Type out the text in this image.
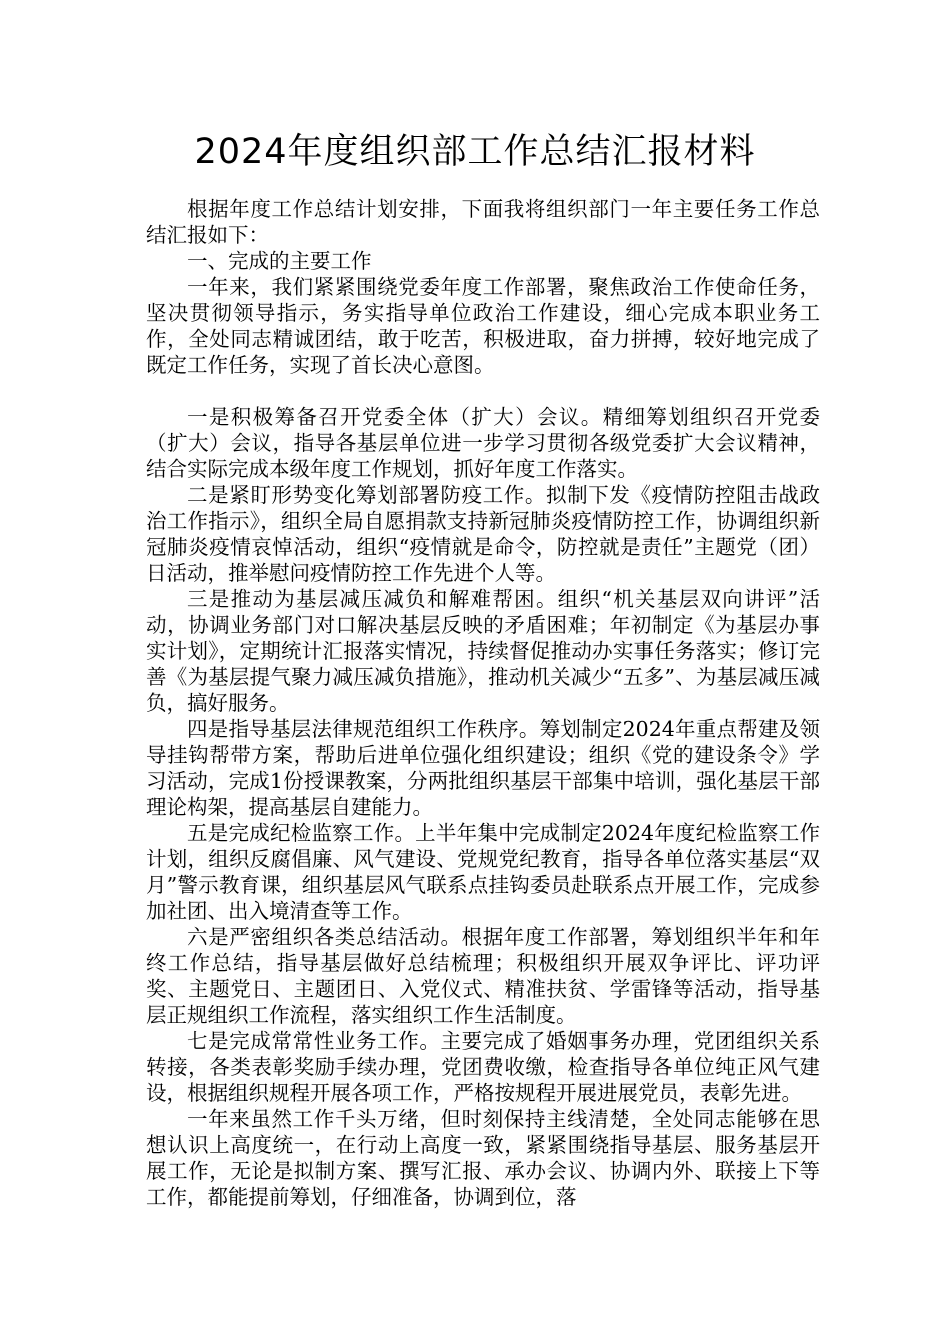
2024年度组织部工作总结汇报材料

根据年度工作总结计划安排，下面我将组织部门一年主要任务工作总结汇报如下：

一、完成的主要工作

一年来，我们紧紧围绕党委年度工作部署，聚焦政治工作使命任务，坚决贯彻领导指示，务实指导单位政治工作建设，细心完成本职业务工作，全处同志精诚团结，敢于吃苦，积极进取，奋力拼搏，较好地完成了既定工作任务，实现了首长决心意图。

一是积极筹备召开党委全体（扩大）会议。精细筹划组织召开党委（扩大）会议，指导各基层单位进一步学习贯彻各级党委扩大会议精神，结合实际完成本级年度工作规划，抓好年度工作落实。

二是紧盯形势变化筹划部署防疫工作。拟制下发《疫情防控阻击战政治工作指示》，组织全局自愿捐款支持新冠肺炎疫情防控工作，协调组织新冠肺炎疫情哀悼活动，组织“疫情就是命令，防控就是责任”主题党（团）日活动，推举慰问疫情防控工作先进个人等。

三是推动为基层减压减负和解难帮困。组织“机关基层双向讲评”活动，协调业务部门对口解决基层反映的矛盾困难；年初制定《为基层办事实计划》，定期统计汇报落实情况，持续督促推动办实事任务落实；修订完善《为基层提气聚力减压减负措施》，推动机关减少“五多”、为基层减压减负，搞好服务。

四是指导基层法律规范组织工作秩序。筹划制定2024年重点帮建及领导挂钩帮带方案，帮助后进单位强化组织建设；组织《党的建设条令》学习活动，完成1份授课教案，分两批组织基层干部集中培训，强化基层干部理论构架，提高基层自建能力。

五是完成纪检监察工作。上半年集中完成制定2024年度纪检监察工作计划，组织反腐倡廉、风气建设、党规党纪教育，指导各单位落实基层“双月”警示教育课，组织基层风气联系点挂钩委员赴联系点开展工作，完成参加社团、出入境清查等工作。

六是严密组织各类总结活动。根据年度工作部署，筹划组织半年和年终工作总结，指导基层做好总结梳理；积极组织开展双争评比、评功评奖、主题党日、主题团日、入党仪式、精准扶贫、学雷锋等活动，指导基层正规组织工作流程，落实组织工作生活制度。

七是完成常常性业务工作。主要完成了婚姻事务办理，党团组织关系转接，各类表彰奖励手续办理，党团费收缴，检查指导各单位纯正风气建设，根据组织规程开展各项工作，严格按规程开展进展党员，表彰先进。

一年来虽然工作千头万绪，但时刻保持主线清楚，全处同志能够在思想认识上高度统一，在行动上高度一致，紧紧围绕指导基层、服务基层开展工作，无论是拟制方案、撰写汇报、承办会议、协调内外、联接上下等工作，都能提前筹划，仔细准备，协调到位，落
